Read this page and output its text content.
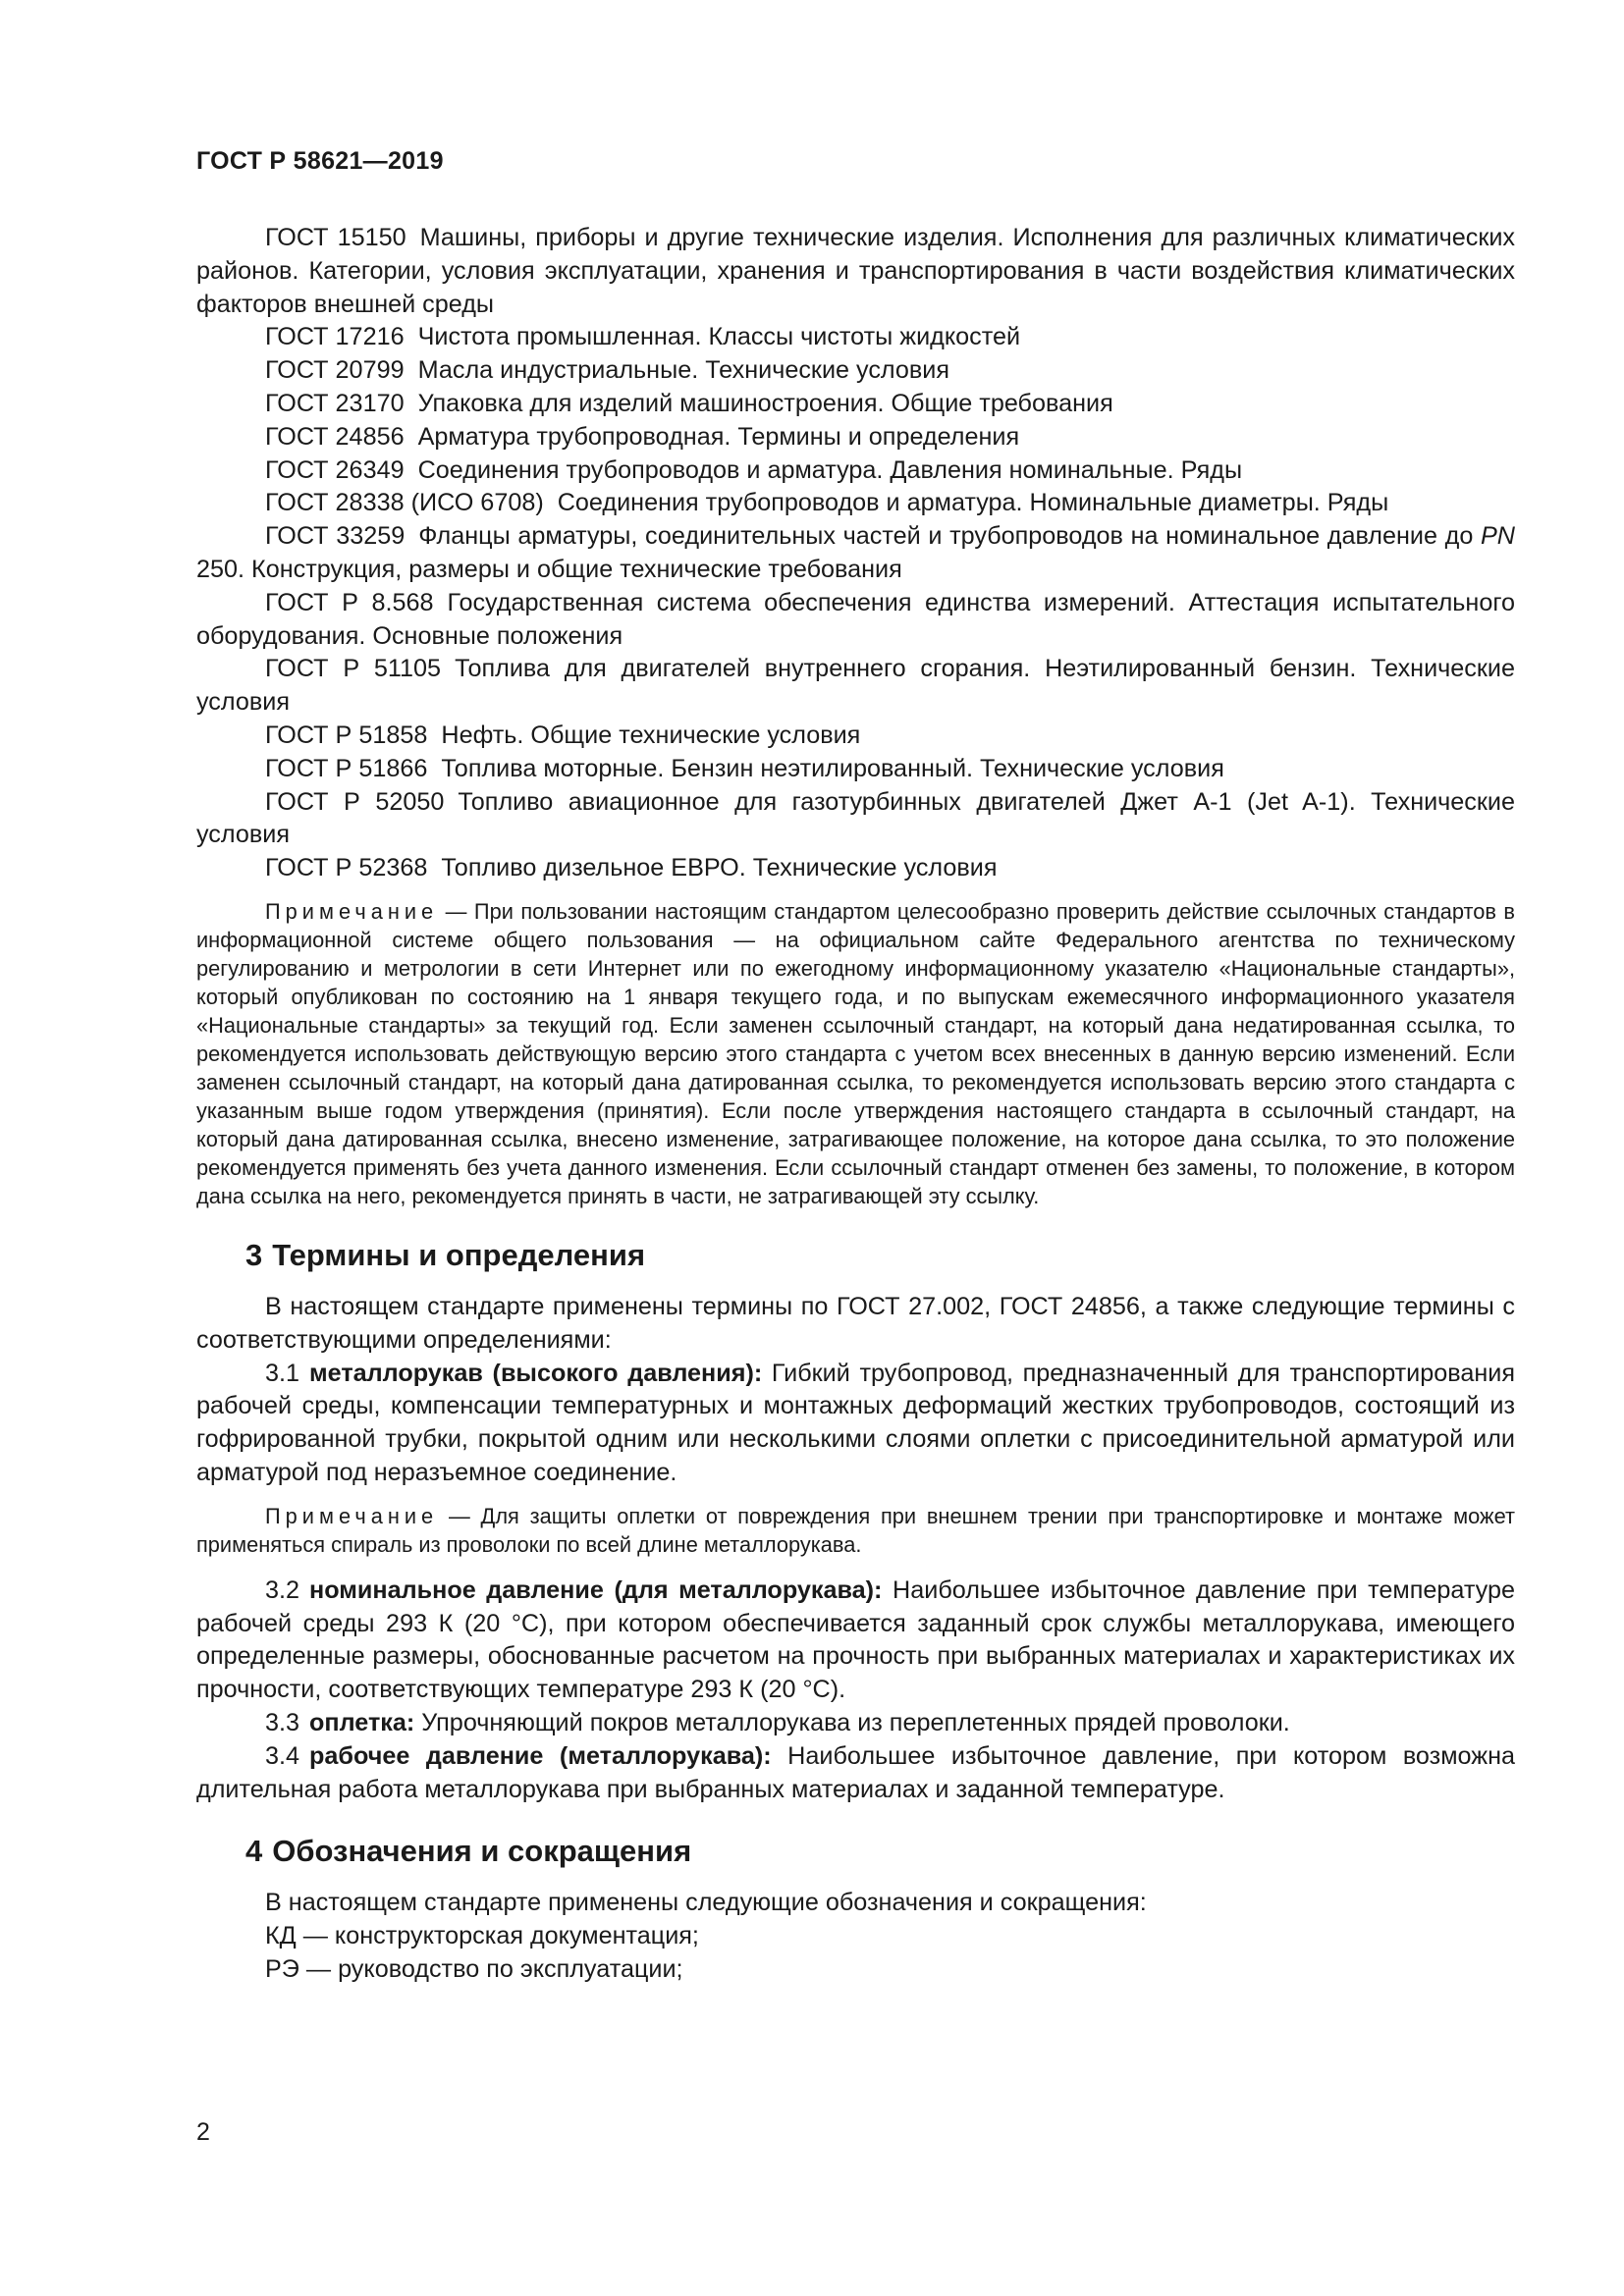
ГОСТ Р 58621—2019

ГОСТ 15150 Машины, приборы и другие технические изделия. Исполнения для различных климатических районов. Категории, условия эксплуатации, хранения и транспортирования в части воздействия климатических факторов внешней среды

ГОСТ 17216 Чистота промышленная. Классы чистоты жидкостей

ГОСТ 20799 Масла индустриальные. Технические условия

ГОСТ 23170 Упаковка для изделий машиностроения. Общие требования

ГОСТ 24856 Арматура трубопроводная. Термины и определения

ГОСТ 26349 Соединения трубопроводов и арматура. Давления номинальные. Ряды

ГОСТ 28338 (ИСО 6708) Соединения трубопроводов и арматура. Номинальные диаметры. Ряды

ГОСТ 33259 Фланцы арматуры, соединительных частей и трубопроводов на номинальное давление до PN 250. Конструкция, размеры и общие технические требования

ГОСТ Р 8.568 Государственная система обеспечения единства измерений. Аттестация испытательного оборудования. Основные положения

ГОСТ Р 51105 Топлива для двигателей внутреннего сгорания. Неэтилированный бензин. Технические условия

ГОСТ Р 51858 Нефть. Общие технические условия

ГОСТ Р 51866 Топлива моторные. Бензин неэтилированный. Технические условия

ГОСТ Р 52050 Топливо авиационное для газотурбинных двигателей Джет А-1 (Jet A-1). Технические условия

ГОСТ Р 52368 Топливо дизельное ЕВРО. Технические условия

Примечание — При пользовании настоящим стандартом целесообразно проверить действие ссылочных стандартов в информационной системе общего пользования — на официальном сайте Федерального агентства по техническому регулированию и метрологии в сети Интернет или по ежегодному информационному указателю «Национальные стандарты», который опубликован по состоянию на 1 января текущего года, и по выпускам ежемесячного информационного указателя «Национальные стандарты» за текущий год. Если заменен ссылочный стандарт, на который дана недатированная ссылка, то рекомендуется использовать действующую версию этого стандарта с учетом всех внесенных в данную версию изменений. Если заменен ссылочный стандарт, на который дана датированная ссылка, то рекомендуется использовать версию этого стандарта с указанным выше годом утверждения (принятия). Если после утверждения настоящего стандарта в ссылочный стандарт, на который дана датированная ссылка, внесено изменение, затрагивающее положение, на которое дана ссылка, то это положение рекомендуется применять без учета данного изменения. Если ссылочный стандарт отменен без замены, то положение, в котором дана ссылка на него, рекомендуется принять в части, не затрагивающей эту ссылку.

3 Термины и определения

В настоящем стандарте применены термины по ГОСТ 27.002, ГОСТ 24856, а также следующие термины с соответствующими определениями:

3.1 металлорукав (высокого давления): Гибкий трубопровод, предназначенный для транспортирования рабочей среды, компенсации температурных и монтажных деформаций жестких трубопроводов, состоящий из гофрированной трубки, покрытой одним или несколькими слоями оплетки с присоединительной арматурой или арматурой под неразъемное соединение.

Примечание — Для защиты оплетки от повреждения при внешнем трении при транспортировке и монтаже может применяться спираль из проволоки по всей длине металлорукава.

3.2 номинальное давление (для металлорукава): Наибольшее избыточное давление при температуре рабочей среды 293 К (20 °С), при котором обеспечивается заданный срок службы металлорукава, имеющего определенные размеры, обоснованные расчетом на прочность при выбранных материалах и характеристиках их прочности, соответствующих температуре 293 К (20 °С).

3.3 оплетка: Упрочняющий покров металлорукава из переплетенных прядей проволоки.

3.4 рабочее давление (металлорукава): Наибольшее избыточное давление, при котором возможна длительная работа металлорукава при выбранных материалах и заданной температуре.

4 Обозначения и сокращения

В настоящем стандарте применены следующие обозначения и сокращения:

КД — конструкторская документация;

РЭ — руководство по эксплуатации;

2
